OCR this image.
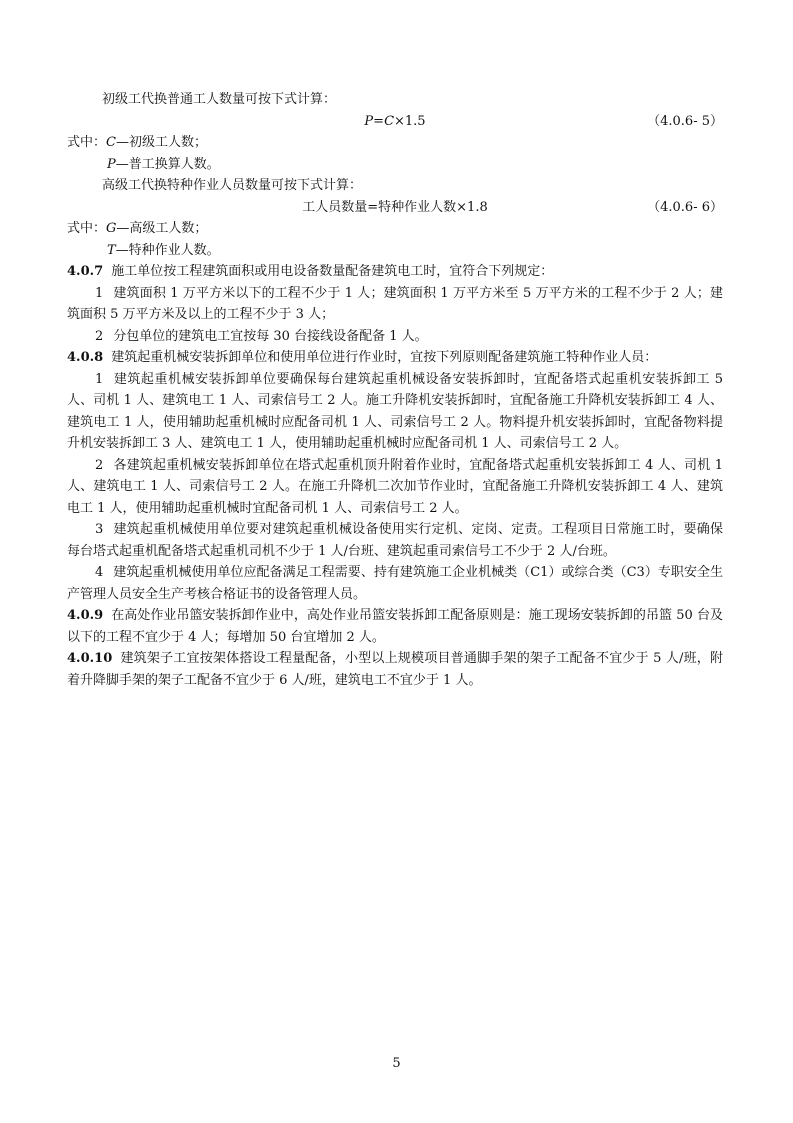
初级工代换普通工人数量可按下式计算：
P=C×1.5	（4.0.6- 5）
式中：C—初级工人数；
P—普工换算人数。
高级工代换特种作业人员数量可按下式计算：
工人员数量=特种作业人数×1.8	（4.0.6- 6）
式中：G—高级工人数；
T—特种作业人数。
4.0.7 施工单位按工程建筑面积或用电设备数量配备建筑电工时，宜符合下列规定：
1 建筑面积 1 万平方米以下的工程不少于 1 人；建筑面积 1 万平方米至 5 万平方米的工程不少于 2 人；建筑面积 5 万平方米及以上的工程不少于 3 人；
2 分包单位的建筑电工宜按每 30 台接线设备配备 1 人。
4.0.8 建筑起重机械安装拆卸单位和使用单位进行作业时，宜按下列原则配备建筑施工特种作业人员：
1 建筑起重机械安装拆卸单位要确保每台建筑起重机械设备安装拆卸时，宜配备塔式起重机安装拆卸工 5 人、司机 1 人、建筑电工 1 人、司索信号工 2 人。施工升降机安装拆卸时，宜配备施工升降机安装拆卸工 4 人、建筑电工 1 人，使用辅助起重机械时应配备司机 1 人、司索信号工 2 人。物料提升机安装拆卸时，宜配备物料提升机安装拆卸工 3 人、建筑电工 1 人，使用辅助起重机械时应配备司机 1 人、司索信号工 2 人。
2 各建筑起重机械安装拆卸单位在塔式起重机顶升附着作业时，宜配备塔式起重机安装拆卸工 4 人、司机 1 人、建筑电工 1 人、司索信号工 2 人。在施工升降机二次加节作业时，宜配备施工升降机安装拆卸工 4 人、建筑电工 1 人，使用辅助起重机械时宜配备司机 1 人、司索信号工 2 人。
3 建筑起重机械使用单位要对建筑起重机械设备使用实行定机、定岗、定责。工程项目日常施工时，要确保每台塔式起重机配备塔式起重机司机不少于 1 人/台班、建筑起重司索信号工不少于 2 人/台班。
4 建筑起重机械使用单位应配备满足工程需要、持有建筑施工企业机械类（C1）或综合类（C3）专职安全生产管理人员安全生产考核合格证书的设备管理人员。
4.0.9 在高处作业吊篮安装拆卸作业中，高处作业吊篮安装拆卸工配备原则是：施工现场安装拆卸的吊篮 50 台及以下的工程不宜少于 4 人；每增加 50 台宜增加 2 人。
4.0.10 建筑架子工宜按架体搭设工程量配备，小型以上规模项目普通脚手架的架子工配备不宜少于 5 人/班，附着升降脚手架的架子工配备不宜少于 6 人/班，建筑电工不宜少于 1 人。
5
